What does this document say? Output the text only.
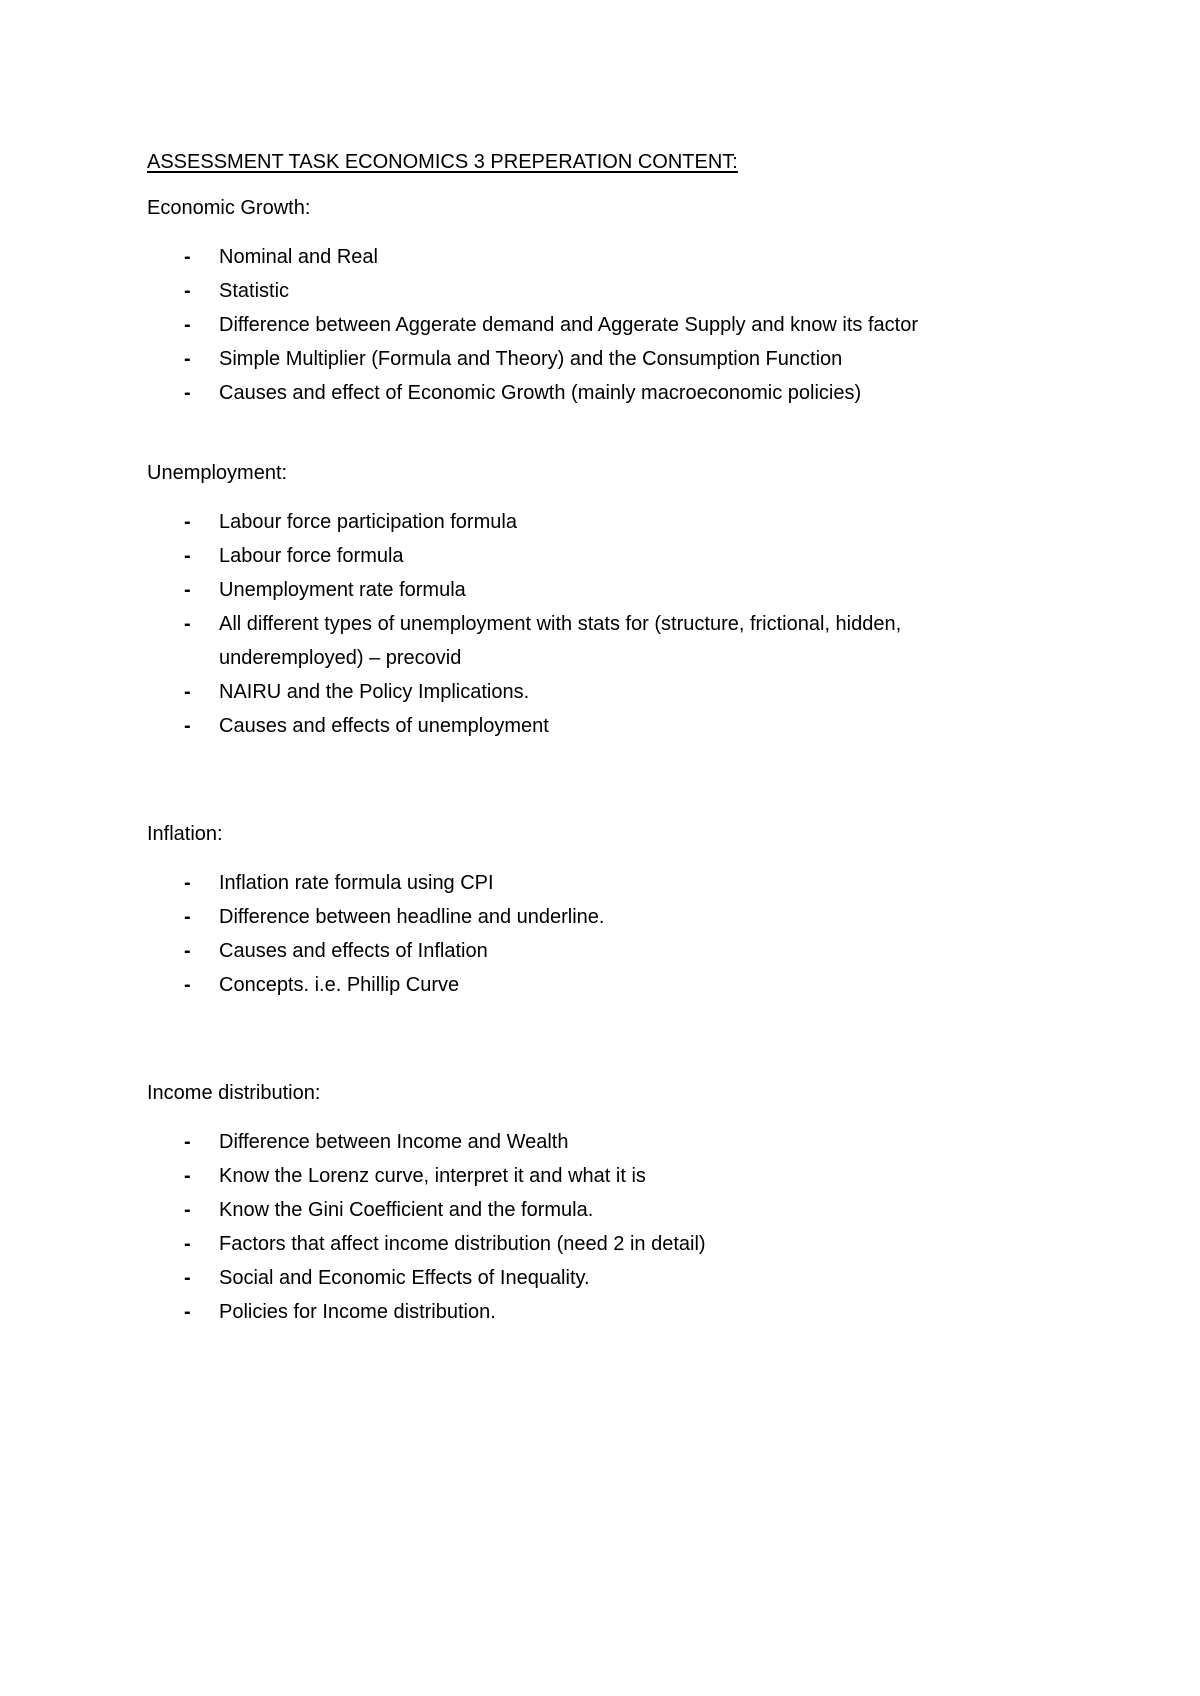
ASSESSMENT TASK ECONOMICS 3 PREPERATION CONTENT:
Economic Growth:
- Nominal and Real
- Statistic
- Difference between Aggerate demand and Aggerate Supply and know its factor
- Simple Multiplier (Formula and Theory) and the Consumption Function
- Causes and effect of Economic Growth (mainly macroeconomic policies)
Unemployment:
- Labour force participation formula
- Labour force formula
- Unemployment rate formula
- All different types of unemployment with stats for (structure, frictional, hidden,
underemployed) – precovid
- NAIRU and the Policy Implications.
- Causes and effects of unemployment
Inflation:
- Inflation rate formula using CPI
- Difference between headline and underline.
- Causes and effects of Inflation
- Concepts. i.e. Phillip Curve
Income distribution:
- Difference between Income and Wealth
- Know the Lorenz curve, interpret it and what it is
- Know the Gini Coefficient and the formula.
- Factors that affect income distribution (need 2 in detail)
- Social and Economic Effects of Inequality.
- Policies for Income distribution.
